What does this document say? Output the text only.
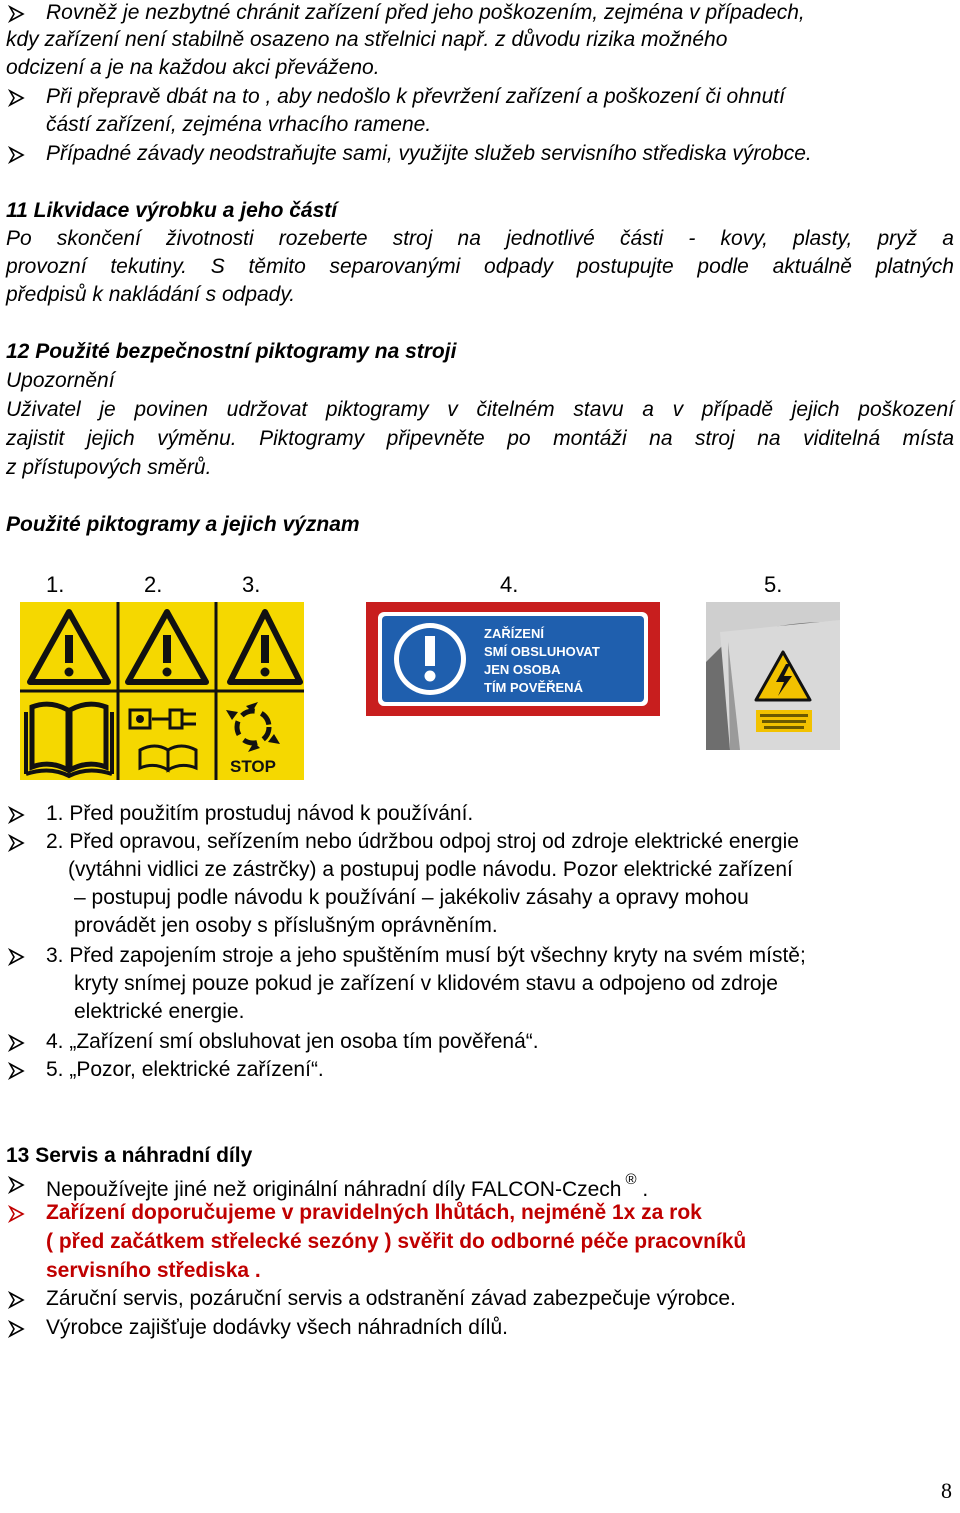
Rovněž je nezbytné chránit zařízení před jeho poškozením, zejména v případech,
kdy zařízení není stabilně osazeno na střelnici např. z důvodu rizika možného
odcizení a je na každou akci převáženo.
Při přepravě dbát na to , aby nedošlo k převržení zařízení a poškození či ohnutí
částí zařízení, zejména vrhacího ramene.
Případné závady neodstraňujte sami, využijte služeb servisního střediska výrobce.
11 Likvidace výrobku a jeho částí
Po skončení životnosti rozeberte stroj na jednotlivé části - kovy, plasty, pryž a
provozní tekutiny. S těmito separovanými odpady postupujte podle aktuálně platných
předpisů k nakládání s odpady.
12 Použité bezpečnostní piktogramy na stroji
Upozornění
Uživatel je povinen udržovat piktogramy v čitelném stavu a v případě jejich poškození
zajistit jejich výměnu. Piktogramy připevněte po montáži na stroj na viditelná místa
z přístupových směrů.
Použité piktogramy a jejich význam
1.	2.	3.	4.	5.
STOP
ZAŘÍZENÍ
SMÍ OBSLUHOVAT
JEN OSOBA
TÍM POVĚŘENÁ
1. Před použitím prostuduj návod k používání.
2. Před opravou, seřízením nebo údržbou odpoj stroj od zdroje elektrické energie
(vytáhni vidlici ze zástrčky) a postupuj podle návodu. Pozor elektrické zařízení
– postupuj podle návodu k používání – jakékoliv zásahy a opravy mohou
provádět jen osoby s příslušným oprávněním.
3. Před zapojením stroje a jeho spuštěním musí být všechny kryty na svém místě;
kryty snímej pouze pokud je zařízení v klidovém stavu a odpojeno od zdroje
elektrické energie.
4. „Zařízení smí obsluhovat jen osoba tím pověřená“.
5. „Pozor, elektrické zařízení“.
13 Servis a náhradní díly
Nepoužívejte jiné než originální náhradní díly FALCON-Czech ® .
Zařízení doporučujeme v pravidelných lhůtách, nejméně 1x za rok
( před začátkem střelecké sezóny ) svěřit do odborné péče pracovníků
servisního střediska .
Záruční servis, pozáruční servis a odstranění závad zabezpečuje výrobce.
Výrobce zajišťuje dodávky všech náhradních dílů.
8
